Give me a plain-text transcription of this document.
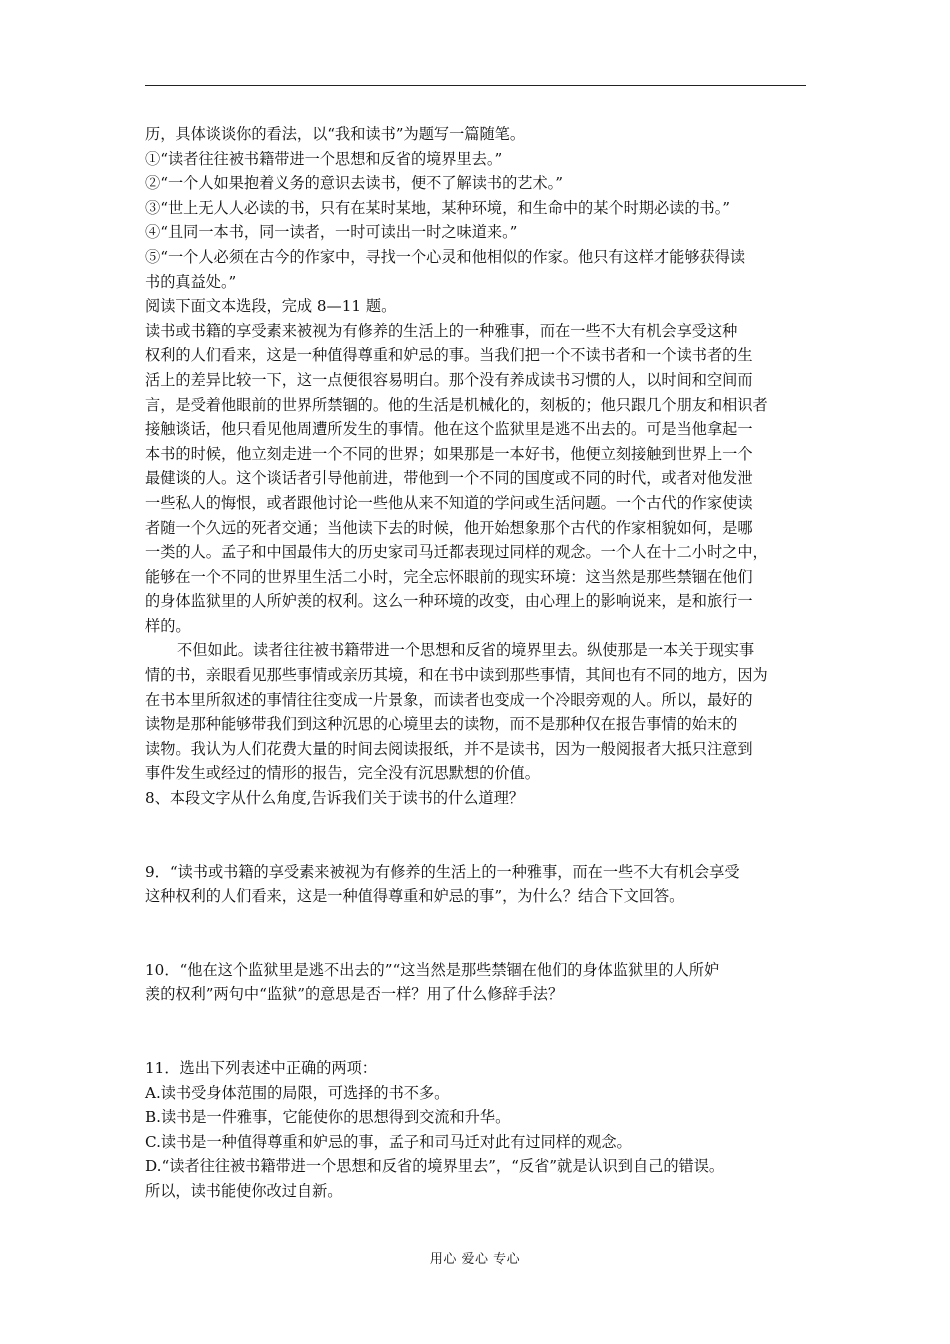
历，具体谈谈你的看法，以“我和读书”为题写一篇随笔。
①“读者往往被书籍带进一个思想和反省的境界里去。”
②“一个人如果抱着义务的意识去读书，便不了解读书的艺术。”
③“世上无人人必读的书，只有在某时某地，某种环境，和生命中的某个时期必读的书。”
④“且同一本书，同一读者，一时可读出一时之味道来。”
⑤“一个人必须在古今的作家中，寻找一个心灵和他相似的作家。他只有这样才能够获得读
书的真益处。”
阅读下面文本选段，完成 8—11 题。
读书或书籍的享受素来被视为有修养的生活上的一种雅事，而在一些不大有机会享受这种
权利的人们看来，这是一种值得尊重和妒忌的事。当我们把一个不读书者和一个读书者的生
活上的差异比较一下，这一点便很容易明白。那个没有养成读书习惯的人，以时间和空间而
言，是受着他眼前的世界所禁锢的。他的生活是机械化的，刻板的；他只跟几个朋友和相识者
接触谈话，他只看见他周遭所发生的事情。他在这个监狱里是逃不出去的。可是当他拿起一
本书的时候，他立刻走进一个不同的世界；如果那是一本好书，他便立刻接触到世界上一个
最健谈的人。这个谈话者引导他前进，带他到一个不同的国度或不同的时代，或者对他发泄
一些私人的悔恨，或者跟他讨论一些他从来不知道的学问或生活问题。一个古代的作家使读
者随一个久远的死者交通；当他读下去的时候，他开始想象那个古代的作家相貌如何，是哪
一类的人。孟子和中国最伟大的历史家司马迁都表现过同样的观念。一个人在十二小时之中，
能够在一个不同的世界里生活二小时，完全忘怀眼前的现实环境：这当然是那些禁锢在他们
的身体监狱里的人所妒羡的权利。这么一种环境的改变，由心理上的影响说来，是和旅行一
样的。
不但如此。读者往往被书籍带进一个思想和反省的境界里去。纵使那是一本关于现实事
情的书，亲眼看见那些事情或亲历其境，和在书中读到那些事情，其间也有不同的地方，因为
在书本里所叙述的事情往往变成一片景象，而读者也变成一个冷眼旁观的人。所以，最好的
读物是那种能够带我们到这种沉思的心境里去的读物，而不是那种仅在报告事情的始末的
读物。我认为人们花费大量的时间去阅读报纸，并不是读书，因为一般阅报者大抵只注意到
事件发生或经过的情形的报告，完全没有沉思默想的价值。
8、本段文字从什么角度,告诉我们关于读书的什么道理？
9．“读书或书籍的享受素来被视为有修养的生活上的一种雅事，而在一些不大有机会享受
这种权利的人们看来，这是一种值得尊重和妒忌的事”，为什么？结合下文回答。
10．“他在这个监狱里是逃不出去的”“这当然是那些禁锢在他们的身体监狱里的人所妒
羡的权利”两句中“监狱”的意思是否一样？用了什么修辞手法？
11．选出下列表述中正确的两项：
A.读书受身体范围的局限，可选择的书不多。
B.读书是一件雅事，它能使你的思想得到交流和升华。
C.读书是一种值得尊重和妒忌的事，孟子和司马迁对此有过同样的观念。
D.“读者往往被书籍带进一个思想和反省的境界里去”，“反省”就是认识到自己的错误。
所以，读书能使你改过自新。
用心 爱心 专心
